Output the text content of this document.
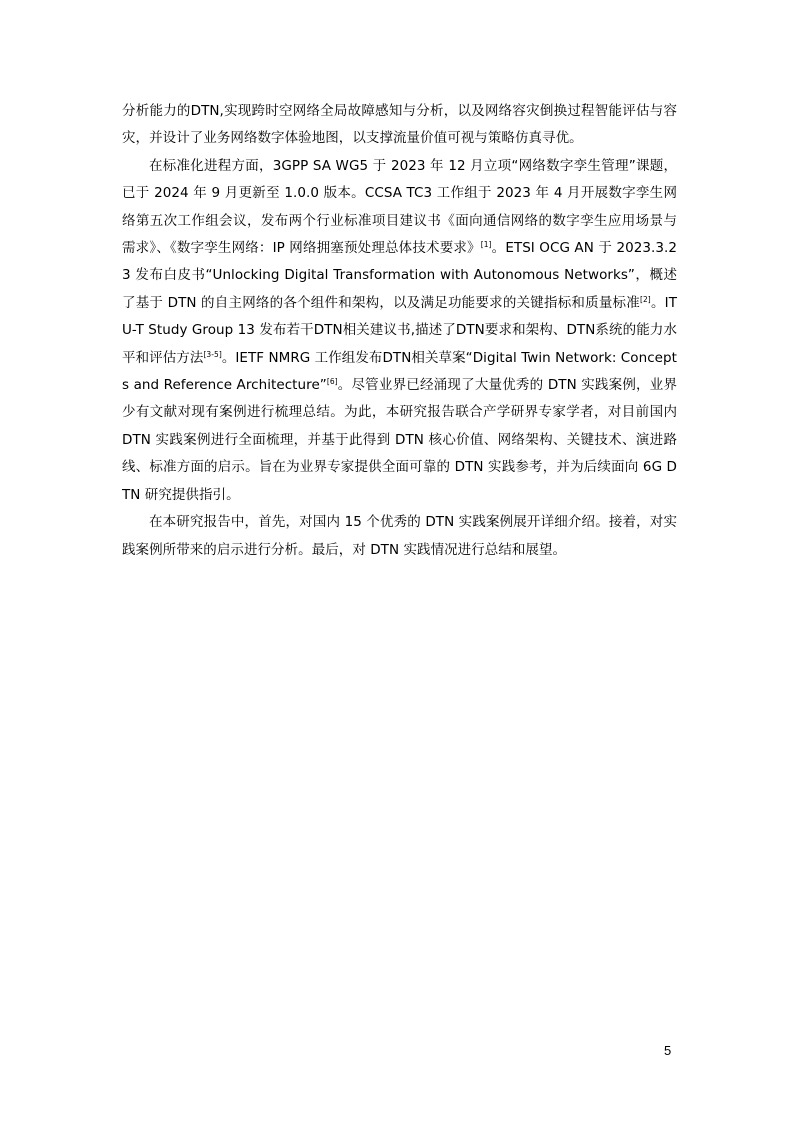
分析能力的DTN,实现跨时空网络全局故障感知与分析，以及网络容灾倒换过程智能评估与容灾，并设计了业务网络数字体验地图，以支撑流量价值可视与策略仿真寻优。

在标准化进程方面，3GPP SA WG5 于 2023 年 12 月立项“网络数字孪生管理”课题，已于 2024 年 9 月更新至 1.0.0 版本。CCSA TC3 工作组于 2023 年 4 月开展数字孪生网络第五次工作组会议，发布两个行业标准项目建议书《面向通信网络的数字孪生应用场景与需求》、《数字孪生网络：IP 网络拥塞预处理总体技术要求》[1]。ETSI OCG AN 于 2023.3.23 发布白皮书“Unlocking Digital Transformation with Autonomous Networks”，概述了基于 DTN 的自主网络的各个组件和架构，以及满足功能要求的关键指标和质量标准[2]。ITU-T Study Group 13 发布若干DTN相关建议书,描述了DTN要求和架构、DTN系统的能力水平和评估方法[3-5]。IETF NMRG 工作组发布DTN相关草案“Digital Twin Network: Concepts and Reference Architecture”[6]。尽管业界已经涌现了大量优秀的 DTN 实践案例，业界少有文献对现有案例进行梳理总结。为此，本研究报告联合产学研界专家学者，对目前国内 DTN 实践案例进行全面梳理，并基于此得到 DTN 核心价值、网络架构、关键技术、演进路线、标准方面的启示。旨在为业界专家提供全面可靠的 DTN 实践参考，并为后续面向 6G DTN 研究提供指引。

在本研究报告中，首先，对国内 15 个优秀的 DTN 实践案例展开详细介绍。接着，对实践案例所带来的启示进行分析。最后，对 DTN 实践情况进行总结和展望。

5
